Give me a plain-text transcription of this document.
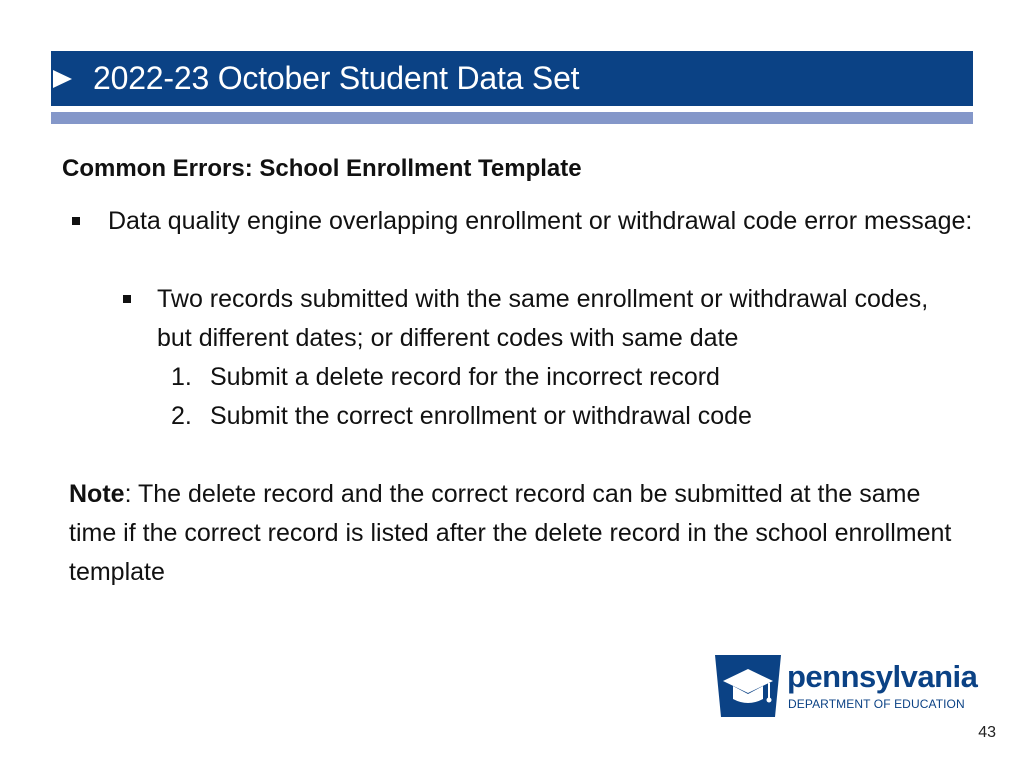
2022-23 October Student Data Set
Common Errors: School Enrollment Template
Data quality engine overlapping enrollment or withdrawal code error message:
Two records submitted with the same enrollment or withdrawal codes, but different dates; or different codes with same date
1. Submit a delete record for the incorrect record
2. Submit the correct enrollment or withdrawal code
Note: The delete record and the correct record can be submitted at the same time if the correct record is listed after the delete record in the school enrollment template
pennsylvania
DEPARTMENT OF EDUCATION
43
